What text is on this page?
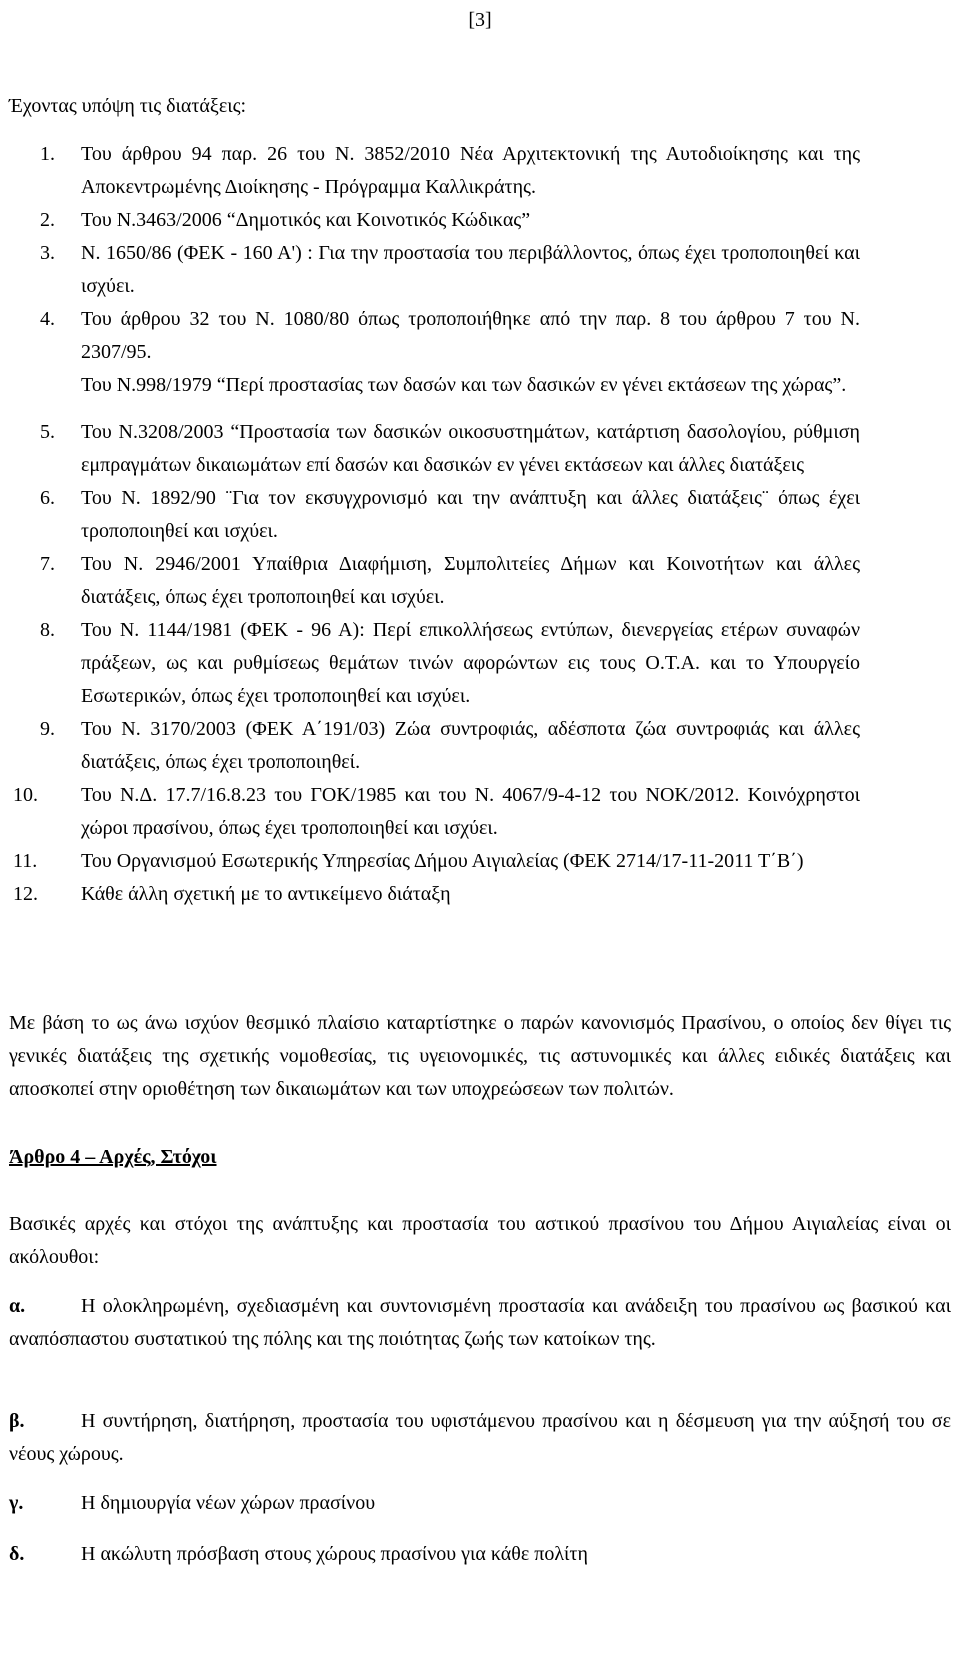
[3]

Έχοντας υπόψη τις διατάξεις:

1. Του άρθρου 94 παρ. 26 του Ν. 3852/2010 Νέα Αρχιτεκτονική της Αυτοδιοίκησης και της Αποκεντρωμένης Διοίκησης - Πρόγραμμα Καλλικράτης.
2. Του Ν.3463/2006 “Δημοτικός και Κοινοτικός Κώδικας”
3. Ν. 1650/86 (ΦΕΚ - 160 Α') : Για την προστασία του περιβάλλοντος, όπως έχει τροποποιηθεί και ισχύει.
4. Του άρθρου 32 του Ν. 1080/80 όπως τροποποιήθηκε από την παρ. 8 του άρθρου 7 του Ν. 2307/95.
Του Ν.998/1979 “Περί προστασίας των δασών και των δασικών εν γένει εκτάσεων της χώρας”.
5. Του Ν.3208/2003 “Προστασία των δασικών οικοσυστημάτων, κατάρτιση δασολογίου, ρύθμιση εμπραγμάτων δικαιωμάτων επί δασών και δασικών εν γένει εκτάσεων και άλλες διατάξεις
6. Του Ν. 1892/90 ¨Για τον εκσυγχρονισμό και την ανάπτυξη και άλλες διατάξεις¨ όπως έχει τροποποιηθεί και ισχύει.
7. Του Ν. 2946/2001 Υπαίθρια Διαφήμιση, Συμπολιτείες Δήμων και Κοινοτήτων και άλλες διατάξεις, όπως έχει τροποποιηθεί και ισχύει.
8. Του Ν. 1144/1981 (ΦΕΚ - 96 Α): Περί επικολλήσεως εντύπων, διενεργείας ετέρων συναφών πράξεων, ως και ρυθμίσεως θεμάτων τινών αφορώντων εις τους Ο.Τ.Α. και το Υπουργείο Εσωτερικών, όπως έχει τροποποιηθεί και ισχύει.
9. Του Ν. 3170/2003 (ΦΕΚ Α΄191/03) Ζώα συντροφιάς, αδέσποτα ζώα συντροφιάς και άλλες διατάξεις, όπως έχει τροποποιηθεί.
10. Του Ν.Δ. 17.7/16.8.23 του ΓΟΚ/1985 και του Ν. 4067/9-4-12 του ΝΟΚ/2012. Κοινόχρηστοι χώροι πρασίνου, όπως έχει τροποποιηθεί και ισχύει.
11. Του Οργανισμού Εσωτερικής Υπηρεσίας Δήμου Αιγιαλείας (ΦΕΚ 2714/17-11-2011 Τ΄Β΄)
12. Κάθε άλλη σχετική με το αντικείμενο διάταξη

Με βάση το ως άνω ισχύον θεσμικό πλαίσιο καταρτίστηκε ο παρών κανονισμός Πρασίνου, ο οποίος δεν θίγει τις γενικές διατάξεις της σχετικής νομοθεσίας, τις υγειονομικές, τις αστυνομικές και άλλες ειδικές διατάξεις και αποσκοπεί στην οριοθέτηση των δικαιωμάτων και των υποχρεώσεων των πολιτών.

Άρθρο 4 – Αρχές, Στόχοι

Βασικές αρχές και στόχοι της ανάπτυξης και προστασία του αστικού πρασίνου του Δήμου Αιγιαλείας είναι οι ακόλουθοι:

α.	Η ολοκληρωμένη, σχεδιασμένη και συντονισμένη προστασία και ανάδειξη του πρασίνου ως βασικού και αναπόσπαστου συστατικού της πόλης και της ποιότητας ζωής των κατοίκων της.
β.	Η συντήρηση, διατήρηση, προστασία του υφιστάμενου πρασίνου και η δέσμευση για την αύξησή του σε νέους χώρους.
γ.	Η δημιουργία νέων χώρων πρασίνου
δ.	Η ακώλυτη πρόσβαση στους χώρους πρασίνου για κάθε πολίτη
